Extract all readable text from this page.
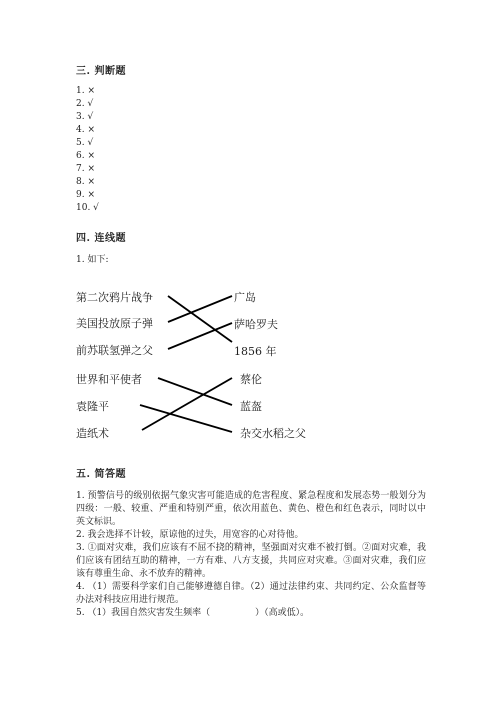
三. 判断题
1. ×
2. √
3. √
4. ×
5. √
6. ×
7. ×
8. ×
9. ×
10. √
四. 连线题
1. 如下:
第二次鸦片战争
美国投放原子弹
前苏联氢弹之父
广岛
萨哈罗夫
1856 年
世界和平使者
袁隆平
造纸术
蔡伦
蓝盔
杂交水稻之父
五. 简答题

1. 预警信号的级别依据气象灾害可能造成的危害程度、紧急程度和发展态势一般划分为四级：一般、较重、严重和特别严重，依次用蓝色、黄色、橙色和红色表示，同时以中英文标识。

2. 我会选择不计较，原谅他的过失，用宽容的心对待他。

3. ①面对灾难，我们应该有不屈不挠的精神，坚强面对灾难不被打倒。②面对灾难，我们应该有团结互助的精神，一方有难、八方支援，共同应对灾难。③面对灾难，我们应该有尊重生命、永不放弃的精神。

4. （1）需要科学家们自己能够遵德自律。（2）通过法律约束、共同约定、公众监督等办法对科技应用进行规范。

5. （1）我国自然灾害发生频率（　　　　　）（高或低）。
